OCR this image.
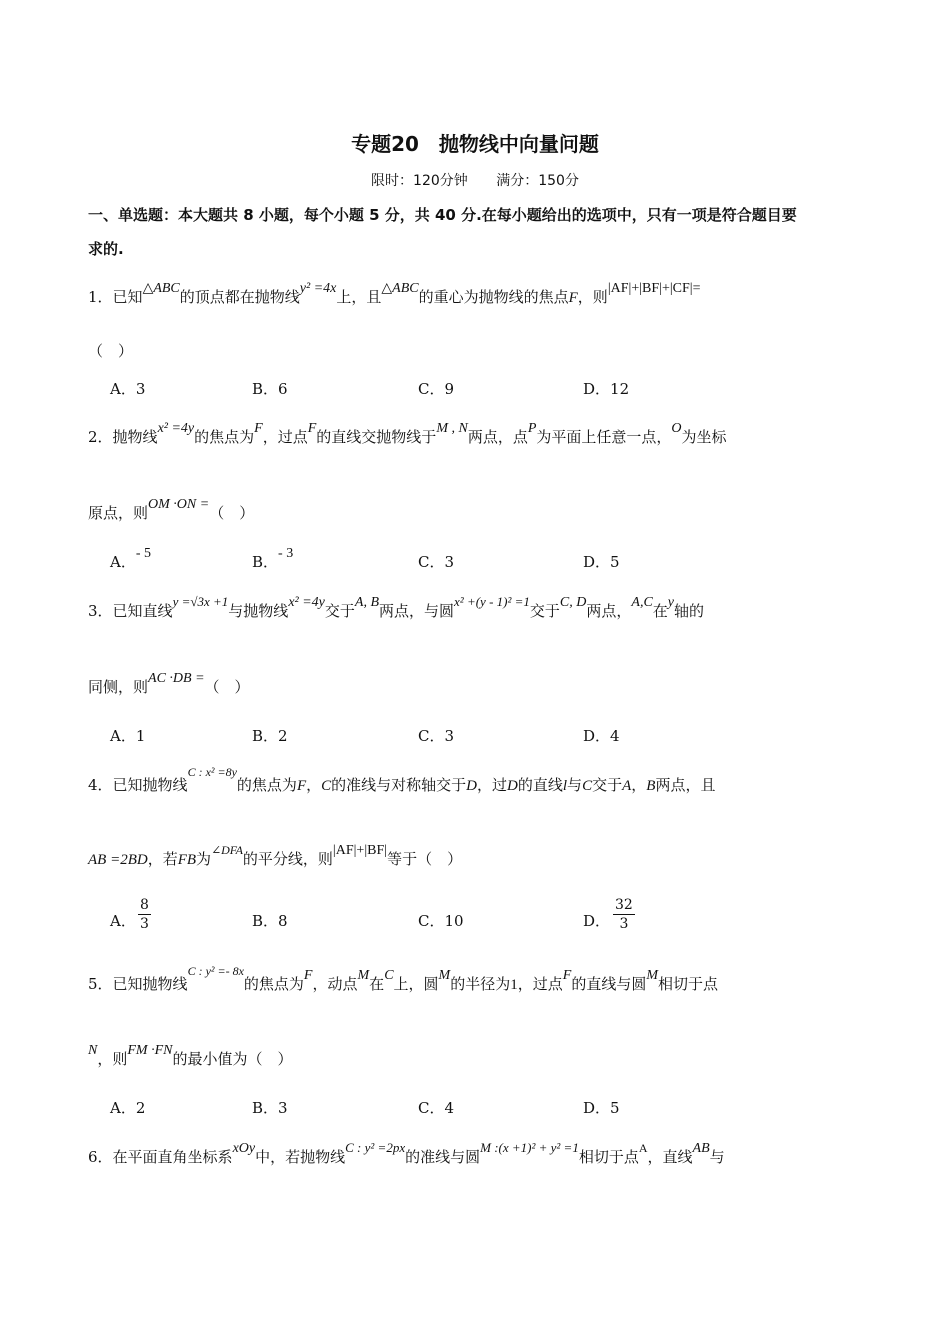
专题20　抛物线中向量问题
限时：120分钟 满分：150分
一、单选题：本大题共 8 小题，每个小题 5 分，共 40 分.在每小题给出的选项中，只有一项是符合题目要
求的.
1．已知△ABC的顶点都在抛物线y² =4x上，且△ABC的重心为抛物线的焦点F，则|AF|+|BF|+|CF|=
（　）
A．3	B．6	C．9	D．12
2．抛物线x² =4y的焦点为F，过点F的直线交抛物线于M , N两点，点P为平面上任意一点，O为坐标
原点，则OM ·ON =（　）
A．- 5	B．- 3	C．3	D．5
3．已知直线y =√3x +1与抛物线x² =4y交于A, B两点，与圆x² +(y - 1)² =1交于C, D两点，A,C在y轴的
同侧，则AC ·DB =（　）
A．1	B．2	C．3	D．4
4．已知抛物线$^{C : x^2 =8y}$的焦点为F，C的准线与对称轴交于D，过D的直线l与C交于A，B两点，且
AB =2BD，若FB为$^{\angle DFA}$的平分线，则|AF|+|BF|等于（　）
A． $\frac{8}{3}$	B．8	C．10	D． $\frac{32}{3}$
5．已知抛物线$^{C : y^2 =- 8x}$的焦点为F，动点M在C上，圆M的半径为1，过点F的直线与圆M相切于点
N，则FM ·FN的最小值为（　）
A．2	B．3	C．4	D．5
6．在平面直角坐标系xOy中，若抛物线C : y² =2px的准线与圆M :(x +1)² + y² =1相切于点$^A$，直线AB与
